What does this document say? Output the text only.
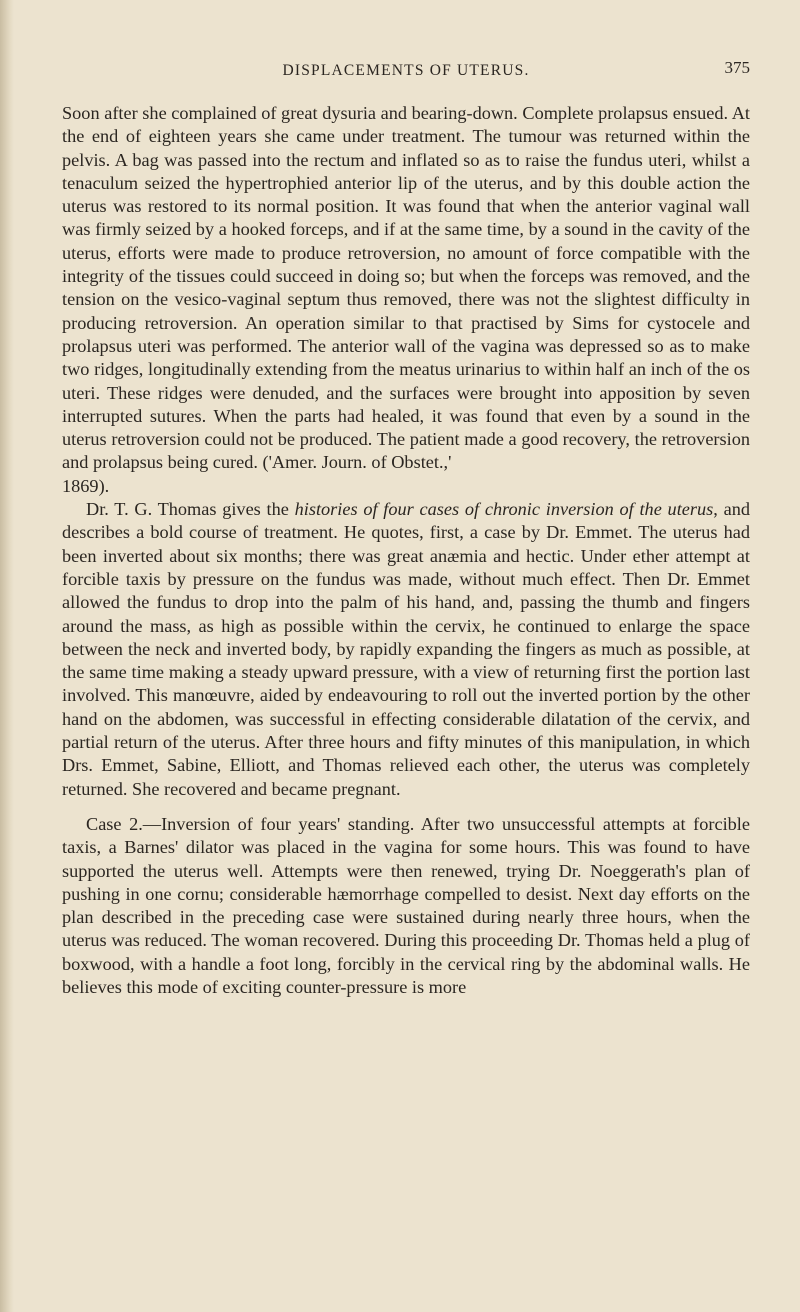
DISPLACEMENTS OF UTERUS.	375

Soon after she complained of great dysuria and bearing-down. Complete prolapsus ensued. At the end of eighteen years she came under treatment. The tumour was returned within the pelvis. A bag was passed into the rectum and inflated so as to raise the fundus uteri, whilst a tenaculum seized the hypertrophied anterior lip of the uterus, and by this double action the uterus was restored to its normal position. It was found that when the anterior vaginal wall was firmly seized by a hooked forceps, and if at the same time, by a sound in the cavity of the uterus, efforts were made to produce retroversion, no amount of force compatible with the integrity of the tissues could succeed in doing so; but when the forceps was removed, and the tension on the vesico-vaginal septum thus removed, there was not the slightest difficulty in producing retroversion. An operation similar to that practised by Sims for cystocele and prolapsus uteri was performed. The anterior wall of the vagina was depressed so as to make two ridges, longitudinally extending from the meatus urinarius to within half an inch of the os uteri. These ridges were denuded, and the surfaces were brought into apposition by seven interrupted sutures. When the parts had healed, it was found that even by a sound in the uterus retroversion could not be produced. The patient made a good recovery, the retroversion and prolapsus being cured. ('Amer. Journ. of Obstet.,'
1869).

Dr. T. G. Thomas gives the histories of four cases of chronic inversion of the uterus, and describes a bold course of treatment. He quotes, first, a case by Dr. Emmet. The uterus had been inverted about six months; there was great anæmia and hectic. Under ether attempt at forcible taxis by pressure on the fundus was made, without much effect. Then Dr. Emmet allowed the fundus to drop into the palm of his hand, and, passing the thumb and fingers around the mass, as high as possible within the cervix, he continued to enlarge the space between the neck and inverted body, by rapidly expanding the fingers as much as possible, at the same time making a steady upward pressure, with a view of returning first the portion last involved. This manœuvre, aided by endeavouring to roll out the inverted portion by the other hand on the abdomen, was successful in effecting considerable dilatation of the cervix, and partial return of the uterus. After three hours and fifty minutes of this manipulation, in which Drs. Emmet, Sabine, Elliott, and Thomas relieved each other, the uterus was completely returned. She recovered and became pregnant.

Case 2.—Inversion of four years' standing. After two unsuccessful attempts at forcible taxis, a Barnes' dilator was placed in the vagina for some hours. This was found to have supported the uterus well. Attempts were then renewed, trying Dr. Noeggerath's plan of pushing in one cornu; considerable hæmorrhage compelled to desist. Next day efforts on the plan described in the preceding case were sustained during nearly three hours, when the uterus was reduced. The woman recovered. During this proceeding Dr. Thomas held a plug of boxwood, with a handle a foot long, forcibly in the cervical ring by the abdominal walls. He believes this mode of exciting counter-pressure is more
